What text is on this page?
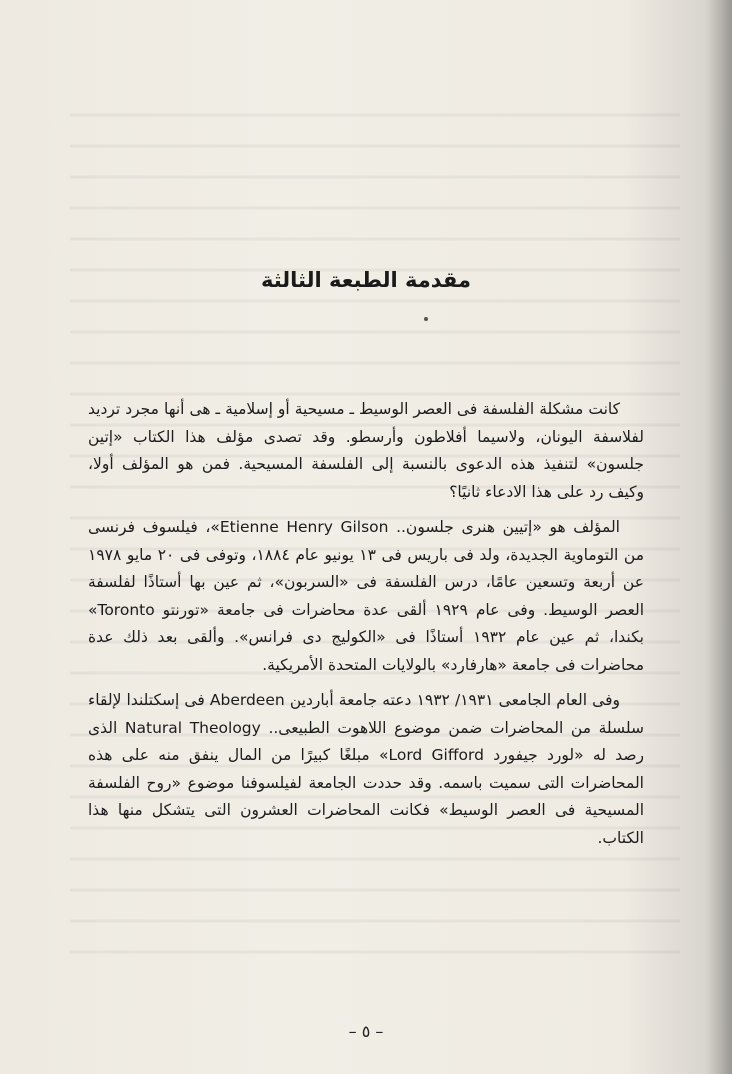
مقدمة الطبعة الثالثة

كانت مشكلة الفلسفة فى العصر الوسيط ـ مسيحية أو إسلامية ـ هى أنها مجرد ترديد لفلاسفة اليونان، ولاسيما أفلاطون وأرسطو. وقد تصدى مؤلف هذا الكتاب «إتين جلسون» لتنفيذ هذه الدعوى بالنسبة إلى الفلسفة المسيحية. فمن هو المؤلف أولا، وكيف رد على هذا الادعاء ثانيًا؟

المؤلف هو «إتيين هنرى جلسون.. Etienne Henry Gilson»، فيلسوف فرنسى من التوماوية الجديدة، ولد فى باريس فى ١٣ يونيو عام ١٨٨٤، وتوفى فى ٢٠ مايو ١٩٧٨ عن أربعة وتسعين عامًا، درس الفلسفة فى «السربون»، ثم عين بها أستاذًا لفلسفة العصر الوسيط. وفى عام ١٩٢٩ ألقى عدة محاضرات فى جامعة «تورنتو Toronto» بكندا، ثم عين عام ١٩٣٢ أستاذًا فى «الكوليج دى فرانس». وألقى بعد ذلك عدة محاضرات فى جامعة «هارفارد» بالولايات المتحدة الأمريكية.

وفى العام الجامعى ١٩٣١/ ١٩٣٢ دعته جامعة أباردين Aberdeen فى إسكتلندا لإلقاء سلسلة من المحاضرات ضمن موضوع اللاهوت الطبيعى.. Natural Theology الذى رصد له «لورد جيفورد Lord Gifford» مبلغًا كبيرًا من المال ينفق منه على هذه المحاضرات التى سميت باسمه. وقد حددت الجامعة لفيلسوفنا موضوع «روح الفلسفة المسيحية فى العصر الوسيط» فكانت المحاضرات العشرون التى يتشكل منها هذا الكتاب.

– ٥ –
